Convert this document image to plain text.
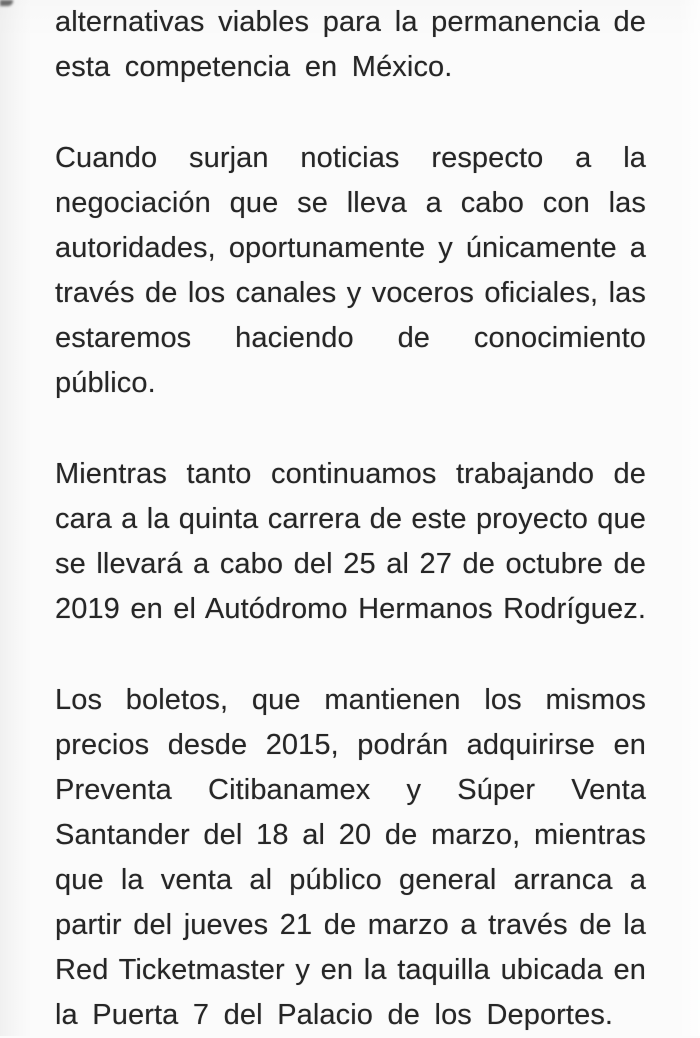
alternativas viables para la permanencia de
esta competencia en México.
Cuando surjan noticias respecto a la
negociación que se lleva a cabo con las
autoridades, oportunamente y únicamente a
través de los canales y voceros oficiales, las
estaremos haciendo de conocimiento
público.
Mientras tanto continuamos trabajando de
cara a la quinta carrera de este proyecto que
se llevará a cabo del 25 al 27 de octubre de
2019 en el Autódromo Hermanos Rodríguez.
Los boletos, que mantienen los mismos
precios desde 2015, podrán adquirirse en
Preventa Citibanamex y Súper Venta
Santander del 18 al 20 de marzo, mientras
que la venta al público general arranca a
partir del jueves 21 de marzo a través de la
Red Ticketmaster y en la taquilla ubicada en
la Puerta 7 del Palacio de los Deportes.
